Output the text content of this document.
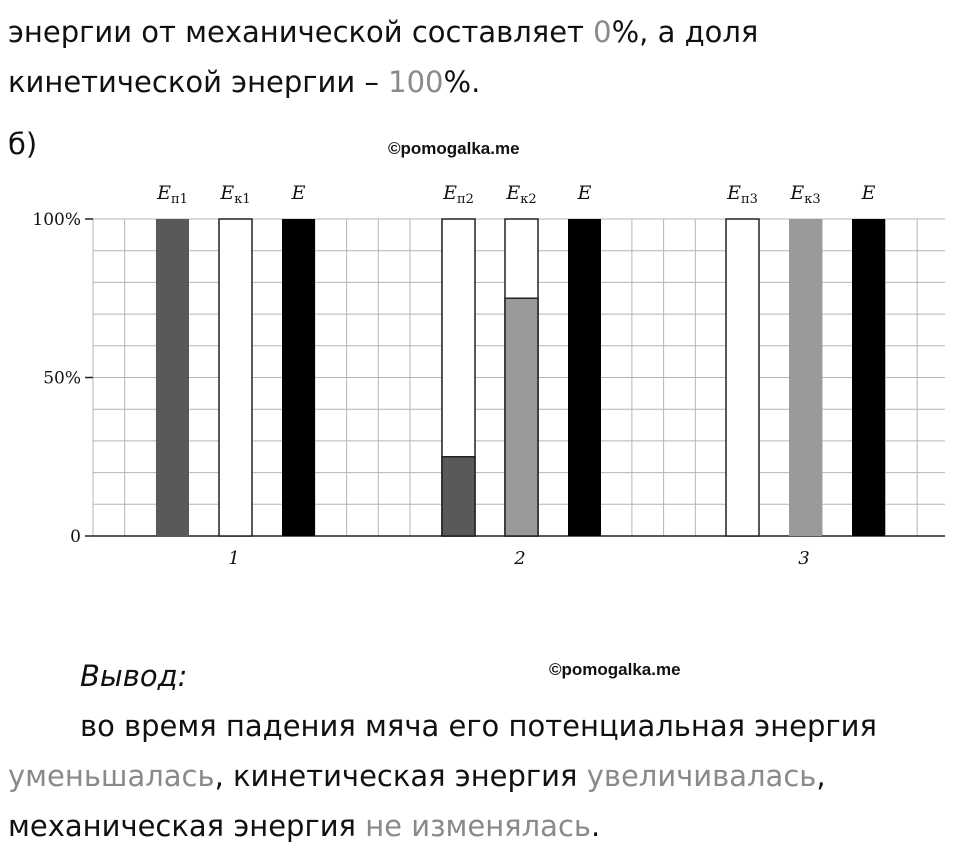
энергии от механической составляет 0%, а доля
кинетической энергии – 100%.
б)	©pomogalka.me
100%
50%
0
$E_{п1}$ $E_{к1}$ E
1
$E_{п2}$ $E_{к2}$ E
2
$E_{п3}$ $E_{к3}$ E
3
Вывод:	©pomogalka.me
во время падения мяча его потенциальная энергия
уменьшалась, кинетическая энергия увеличивалась,
механическая энергия не изменялась.
